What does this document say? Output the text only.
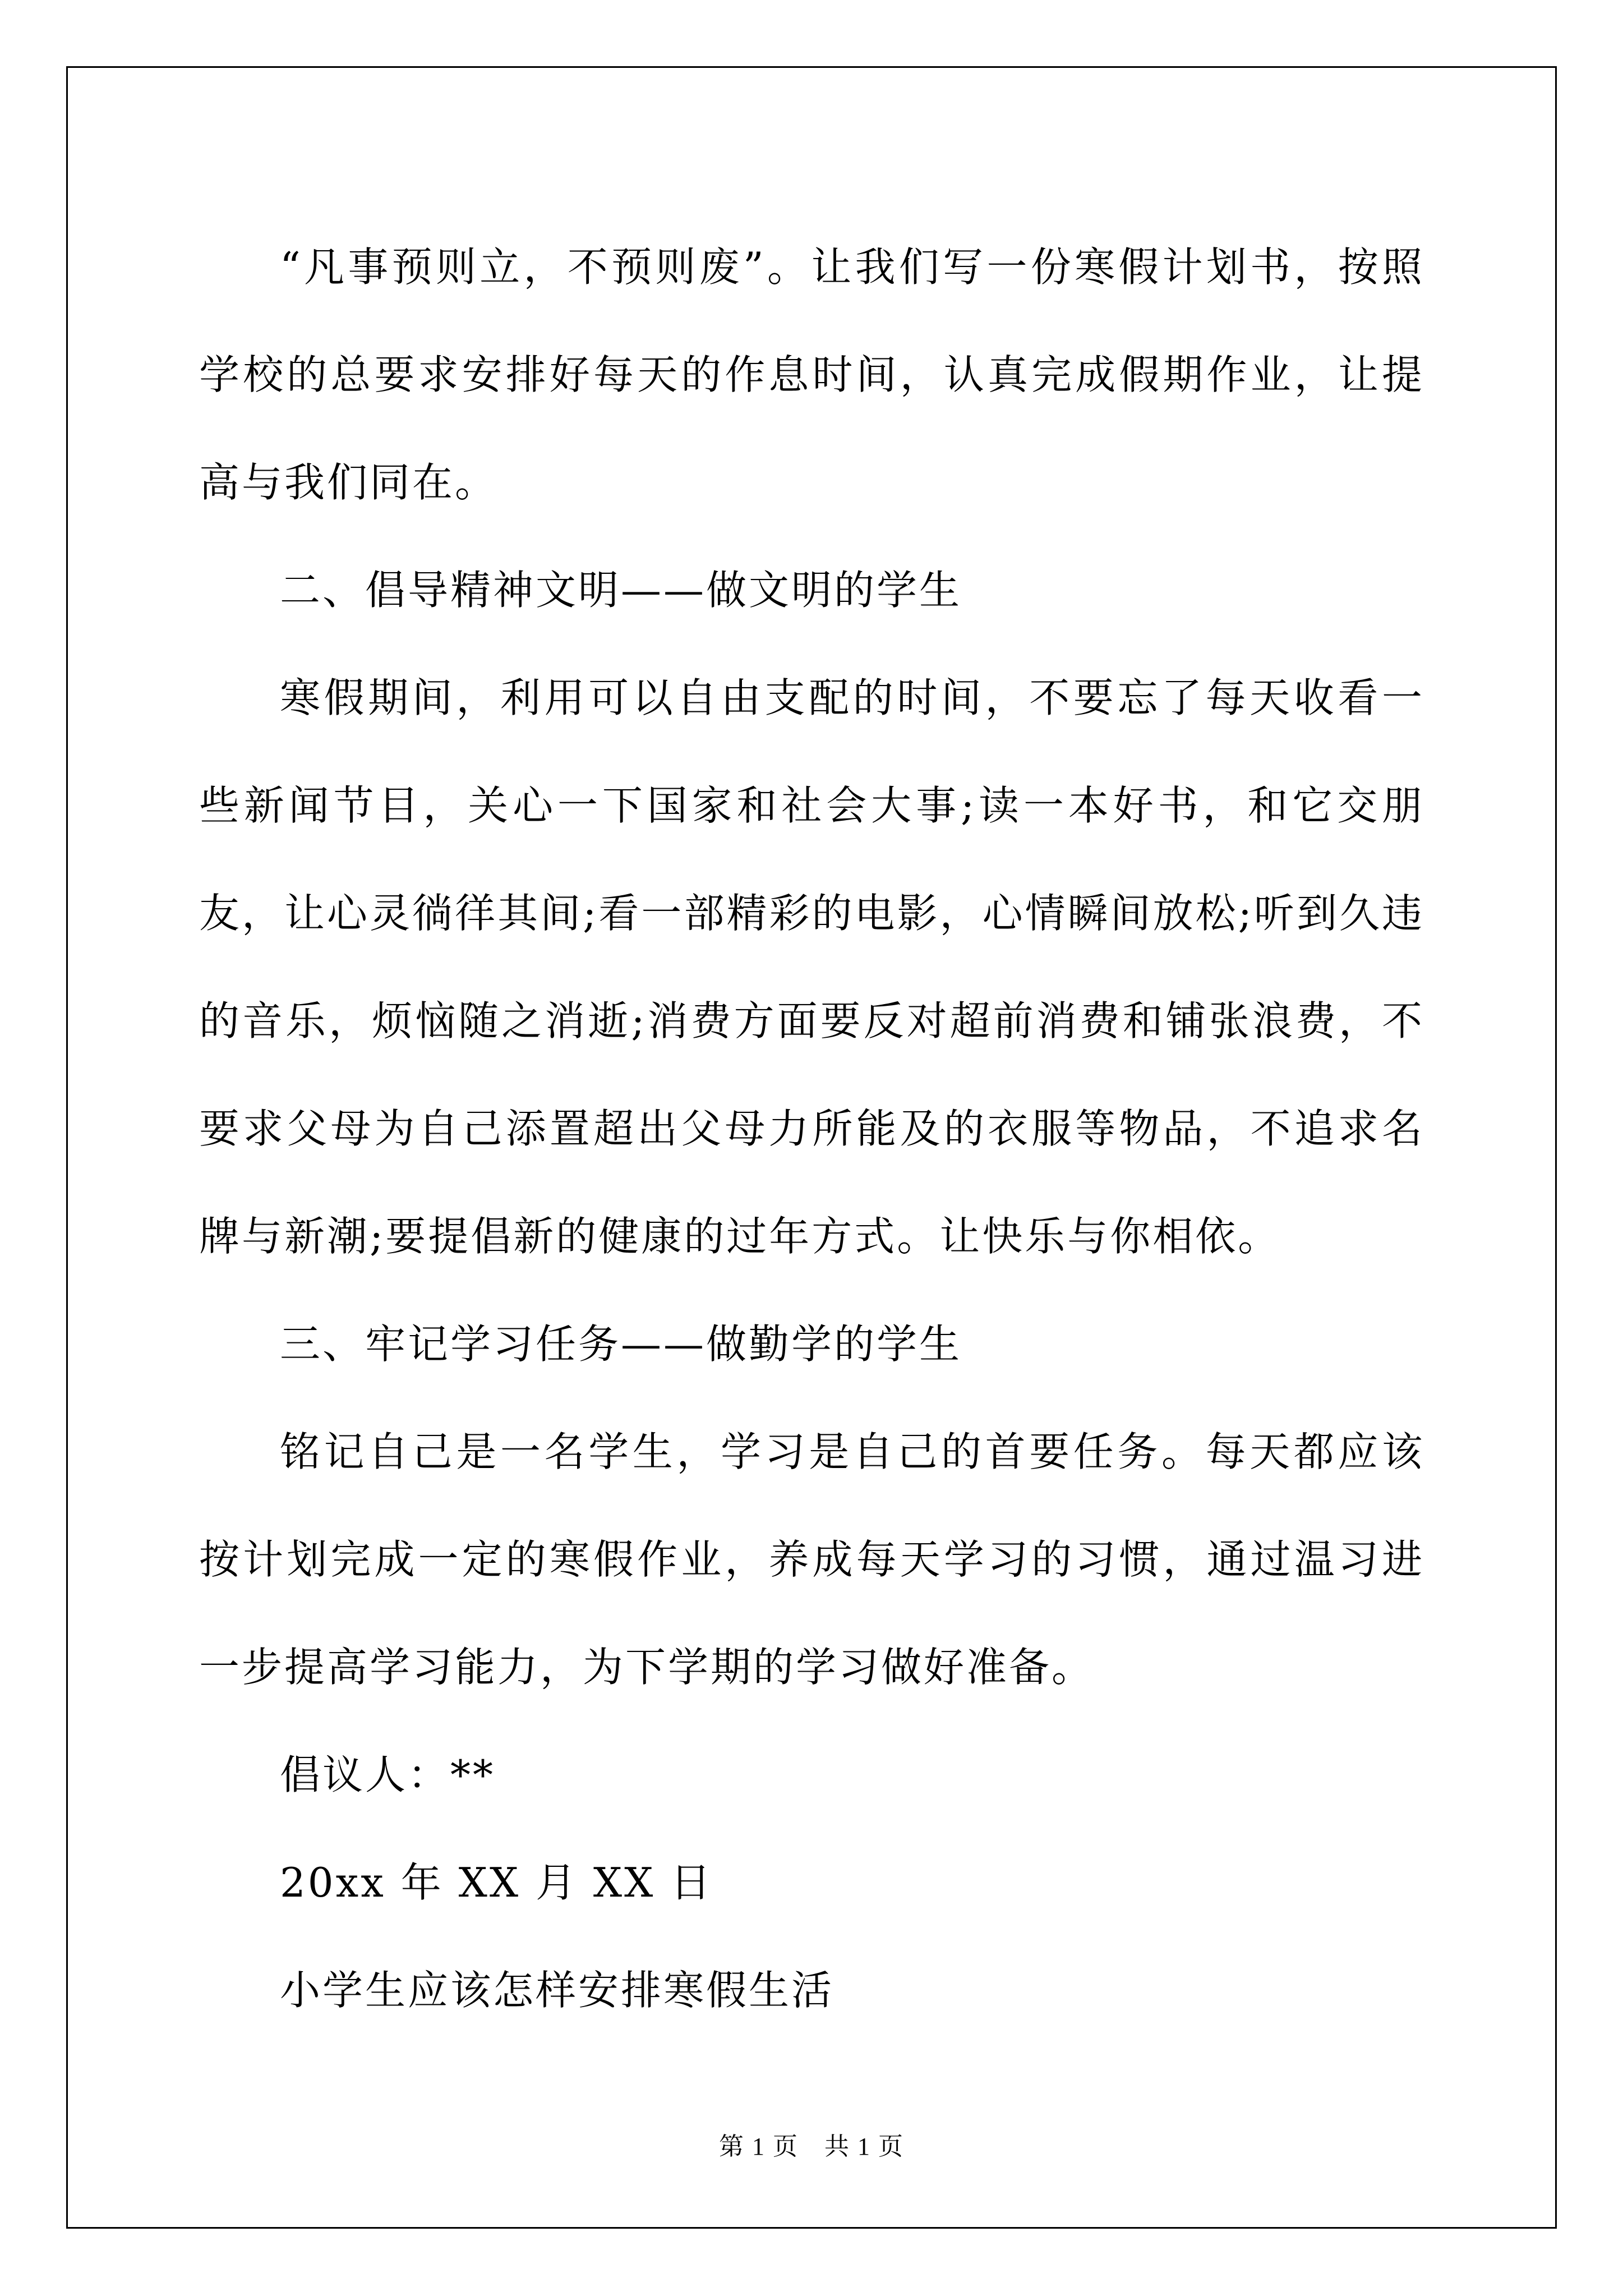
“凡事预则立，不预则废”。让我们写一份寒假计划书，按照学校的总要求安排好每天的作息时间，认真完成假期作业，让提高与我们同在。

二、倡导精神文明——做文明的学生

寒假期间，利用可以自由支配的时间，不要忘了每天收看一些新闻节目，关心一下国家和社会大事;读一本好书，和它交朋友，让心灵徜徉其间;看一部精彩的电影，心情瞬间放松;听到久违的音乐，烦恼随之消逝;消费方面要反对超前消费和铺张浪费，不要求父母为自己添置超出父母力所能及的衣服等物品，不追求名牌与新潮;要提倡新的健康的过年方式。让快乐与你相依。

三、牢记学习任务——做勤学的学生

铭记自己是一名学生，学习是自己的首要任务。每天都应该按计划完成一定的寒假作业，养成每天学习的习惯，通过温习进一步提高学习能力，为下学期的学习做好准备。

倡议人：**

20xx 年 XX 月 XX 日

小学生应该怎样安排寒假生活

第 1 页　共 1 页
